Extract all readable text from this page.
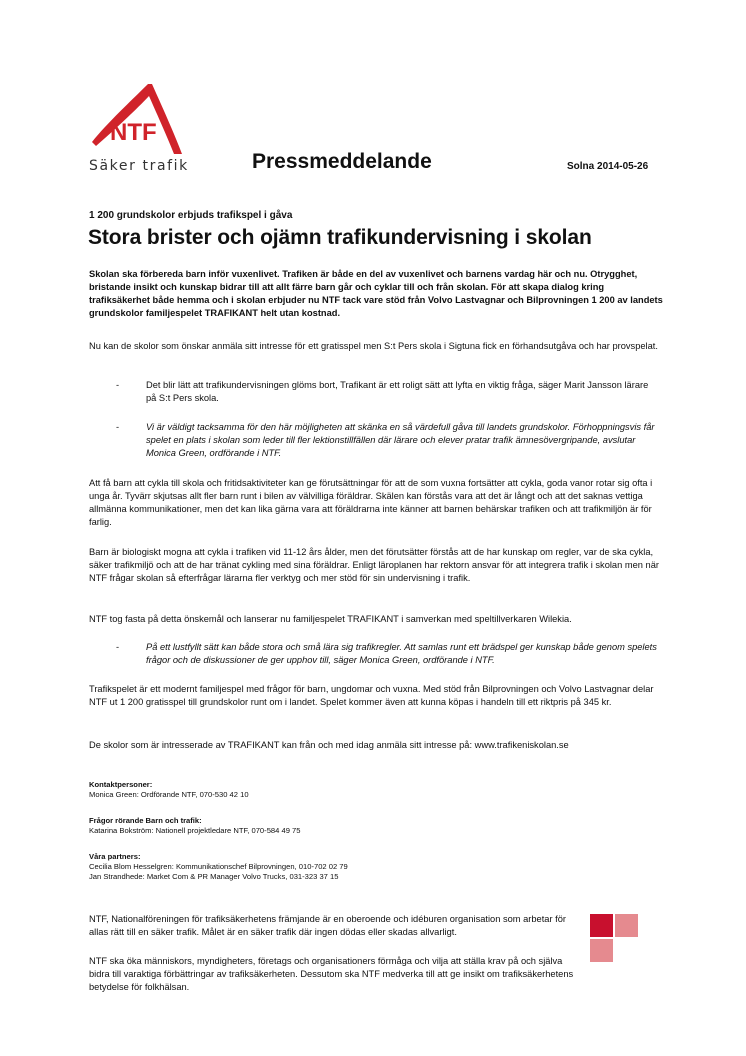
NTF
Säker trafik	Pressmeddelande	Solna 2014-05-26
1 200 grundskolor erbjuds trafikspel i gåva
Stora brister och ojämn trafikundervisning i skolan
Skolan ska förbereda barn inför vuxenlivet. Trafiken är både en del av vuxenlivet och barnens vardag här och nu. Otrygghet, bristande insikt och kunskap bidrar till att allt färre barn går och cyklar till och från skolan. För att skapa dialog kring trafiksäkerhet både hemma och i skolan erbjuder nu NTF tack vare stöd från Volvo Lastvagnar och Bilprovningen 1 200 av landets grundskolor familjespelet TRAFIKANT helt utan kostnad.
Nu kan de skolor som önskar anmäla sitt intresse för ett gratisspel men S:t Pers skola i Sigtuna fick en förhandsutgåva och har provspelat.
-	Det blir lätt att trafikundervisningen glöms bort, Trafikant är ett roligt sätt att lyfta en viktig fråga, säger Marit Jansson lärare på S:t Pers skola.
-	Vi är väldigt tacksamma för den här möjligheten att skänka en så värdefull gåva till landets grundskolor. Förhoppningsvis får spelet en plats i skolan som leder till fler lektionstillfällen där lärare och elever pratar trafik ämnesövergripande, avslutar Monica Green, ordförande i NTF.
Att få barn att cykla till skola och fritidsaktiviteter kan ge förutsättningar för att de som vuxna fortsätter att cykla, goda vanor rotar sig ofta i unga år. Tyvärr skjutsas allt fler barn runt i bilen av välvilliga föräldrar. Skälen kan förstås vara att det är långt och att det saknas vettiga allmänna kommunikationer, men det kan lika gärna vara att föräldrarna inte känner att barnen behärskar trafiken och att trafikmiljön är för farlig.
Barn är biologiskt mogna att cykla i trafiken vid 11-12 års ålder, men det förutsätter förstås att de har kunskap om regler, var de ska cykla, säker trafikmiljö och att de har tränat cykling med sina föräldrar. Enligt läroplanen har rektorn ansvar för att integrera trafik i skolan men när NTF frågar skolan så efterfrågar lärarna fler verktyg och mer stöd för sin undervisning i trafik.
NTF tog fasta på detta önskemål och lanserar nu familjespelet TRAFIKANT i samverkan med speltillverkaren Wilekia.
-	På ett lustfyllt sätt kan både stora och små lära sig trafikregler. Att samlas runt ett brädspel ger kunskap både genom spelets frågor och de diskussioner de ger upphov till, säger Monica Green, ordförande i NTF.
Trafikspelet är ett modernt familjespel med frågor för barn, ungdomar och vuxna. Med stöd från Bilprovningen och Volvo Lastvagnar delar NTF ut 1 200 gratisspel till grundskolor runt om i landet. Spelet kommer även att kunna köpas i handeln till ett riktpris på 345 kr.
De skolor som är intresserade av TRAFIKANT kan från och med idag anmäla sitt intresse på: www.trafikeniskolan.se
Kontaktpersoner:
Monica Green: Ordförande NTF, 070-530 42 10
Frågor rörande Barn och trafik:
Katarina Bokström: Nationell projektledare NTF, 070-584 49 75
Våra partners:
Cecilia Blom Hesselgren: Kommunikationschef Bilprovningen, 010-702 02 79
Jan Strandhede: Market Com & PR Manager Volvo Trucks, 031-323 37 15
NTF, Nationalföreningen för trafiksäkerhetens främjande är en oberoende och idéburen organisation som arbetar för allas rätt till en säker trafik. Målet är en säker trafik där ingen dödas eller skadas allvarligt.
NTF ska öka människors, myndigheters, företags och organisationers förmåga och vilja att ställa krav på och själva bidra till varaktiga förbättringar av trafiksäkerheten. Dessutom ska NTF medverka till att ge insikt om trafiksäkerhetens betydelse för folkhälsan.
